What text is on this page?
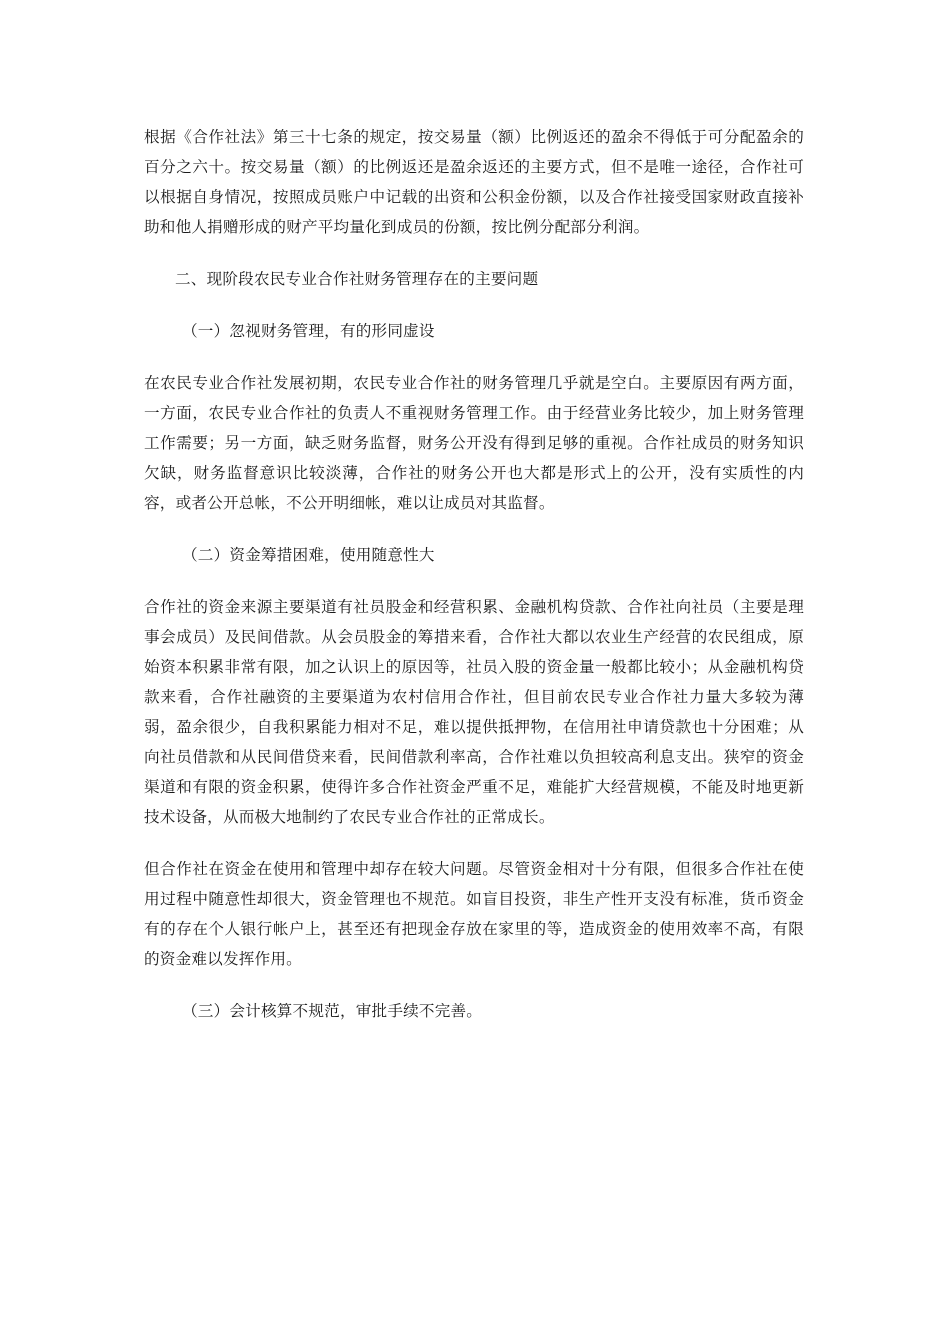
根据《合作社法》第三十七条的规定，按交易量（额）比例返还的盈余不得低于可分配盈余的百分之六十。按交易量（额）的比例返还是盈余返还的主要方式，但不是唯一途径，合作社可以根据自身情况，按照成员账户中记载的出资和公积金份额，以及合作社接受国家财政直接补助和他人捐赠形成的财产平均量化到成员的份额，按比例分配部分利润。

二、现阶段农民专业合作社财务管理存在的主要问题

（一）忽视财务管理，有的形同虚设

在农民专业合作社发展初期，农民专业合作社的财务管理几乎就是空白。主要原因有两方面，一方面，农民专业合作社的负责人不重视财务管理工作。由于经营业务比较少，加上财务管理工作需要；另一方面，缺乏财务监督，财务公开没有得到足够的重视。合作社成员的财务知识欠缺，财务监督意识比较淡薄，合作社的财务公开也大都是形式上的公开，没有实质性的内容，或者公开总帐，不公开明细帐，难以让成员对其监督。

（二）资金筹措困难，使用随意性大

合作社的资金来源主要渠道有社员股金和经营积累、金融机构贷款、合作社向社员（主要是理事会成员）及民间借款。从会员股金的筹措来看，合作社大都以农业生产经营的农民组成，原始资本积累非常有限，加之认识上的原因等，社员入股的资金量一般都比较小；从金融机构贷款来看，合作社融资的主要渠道为农村信用合作社，但目前农民专业合作社力量大多较为薄弱，盈余很少，自我积累能力相对不足，难以提供抵押物，在信用社申请贷款也十分困难；从向社员借款和从民间借贷来看，民间借款利率高，合作社难以负担较高利息支出。狭窄的资金渠道和有限的资金积累，使得许多合作社资金严重不足，难能扩大经营规模，不能及时地更新技术设备，从而极大地制约了农民专业合作社的正常成长。

但合作社在资金在使用和管理中却存在较大问题。尽管资金相对十分有限，但很多合作社在使用过程中随意性却很大，资金管理也不规范。如盲目投资，非生产性开支没有标准，货币资金有的存在个人银行帐户上，甚至还有把现金存放在家里的等，造成资金的使用效率不高，有限的资金难以发挥作用。

（三）会计核算不规范，审批手续不完善。
